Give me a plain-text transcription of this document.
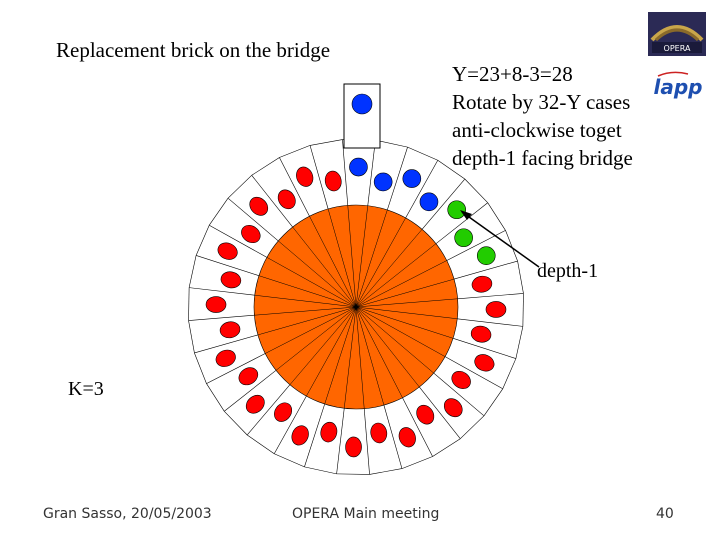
Replacement brick on the bridge
Y=23+8-3=28
Rotate by 32-Y cases
anti-clockwise toget
depth-1 facing bridge
depth-1
K=3
Gran Sasso, 20/05/2003	OPERA Main meeting	40
OPERA
lapp
